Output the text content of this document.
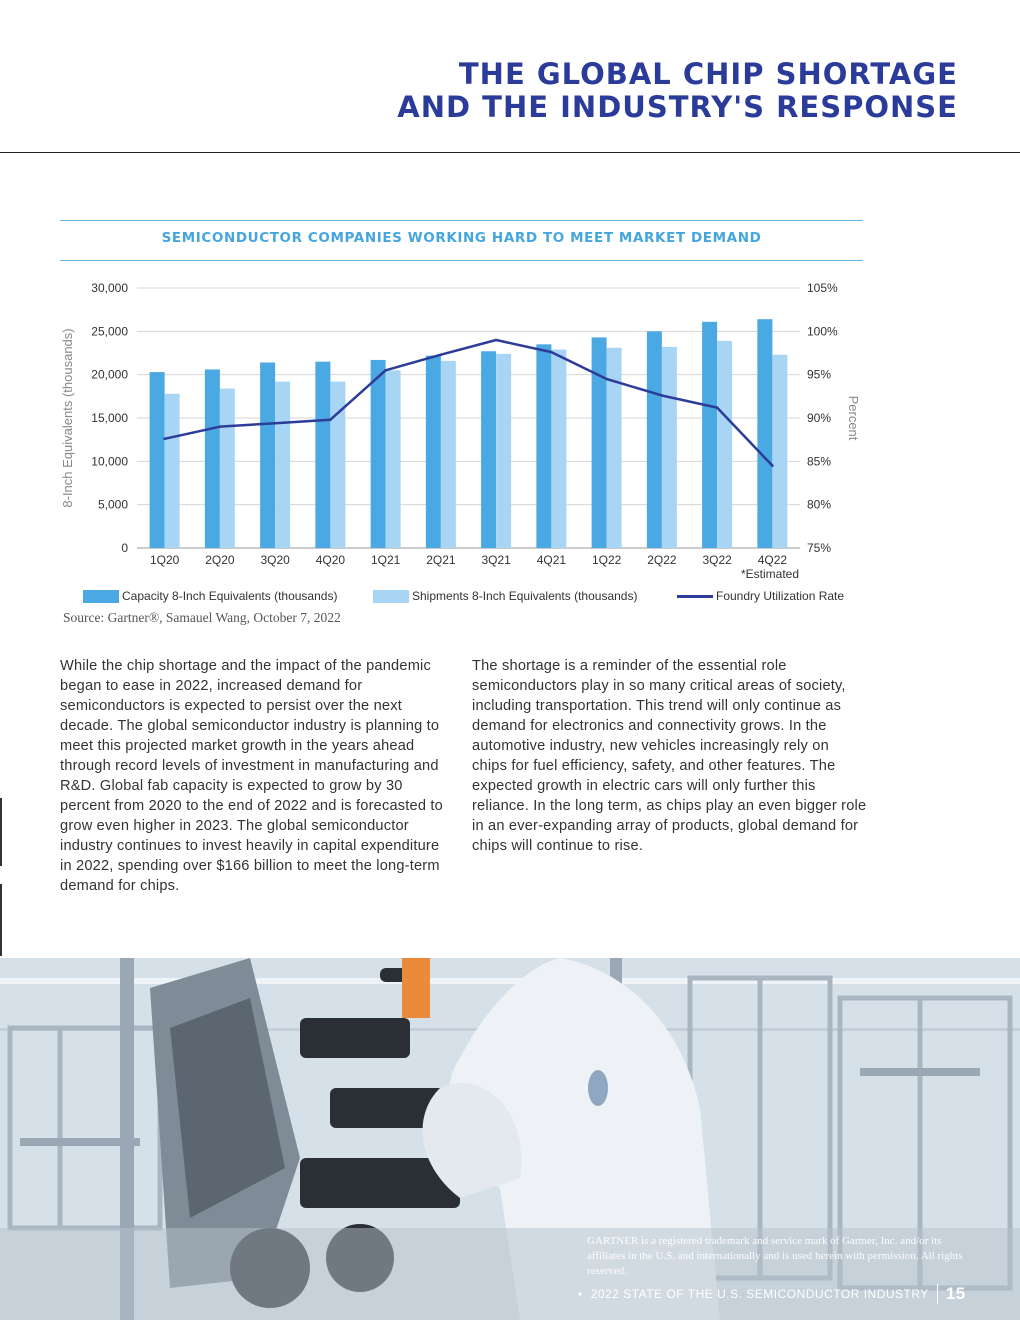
THE GLOBAL CHIP SHORTAGE
AND THE INDUSTRY'S RESPONSE
SEMICONDUCTOR COMPANIES WORKING HARD TO MEET MARKET DEMAND
0	75%
5,000	80%
10,000	85%
15,000	90%
20,000	95%
25,000	100%
30,000	105%
1Q20 2Q20 3Q20 4Q20 1Q21 2Q21 3Q21 4Q21 1Q22 2Q22 3Q22 4Q22
*Estimated
8-Inch Equivalents (thousands)	Percent
Capacity 8-Inch Equivalents (thousands)	Shipments 8-Inch Equivalents (thousands)	Foundry Utilization Rate
Source: Gartner®, Samauel Wang, October 7, 2022
While the chip shortage and the impact of the pandemic began to ease in 2022, increased demand for semiconductors is expected to persist over the next decade. The global semiconductor industry is planning to meet this projected market growth in the years ahead through record levels of investment in manufacturing and R&D. Global fab capacity is expected to grow by 30 percent from 2020 to the end of 2022 and is forecasted to grow even higher in 2023. The global semiconductor industry continues to invest heavily in capital expenditure in 2022, spending over $166 billion to meet the long-term demand for chips.
The shortage is a reminder of the essential role semiconductors play in so many critical areas of society, including transportation. This trend will only continue as demand for electronics and connectivity grows. In the automotive industry, new vehicles increasingly rely on chips for fuel efficiency, safety, and other features. The expected growth in electric cars will only further this reliance. In the long term, as chips play an even bigger role in an ever-expanding array of products, global demand for chips will continue to rise.
GARTNER is a registered trademark and service mark of Gartner, Inc. and/or its affiliates in the U.S. and internationally and is used herein with permission. All rights reserved.
• 2022 STATE OF THE U.S. SEMICONDUCTOR INDUSTRY	15
